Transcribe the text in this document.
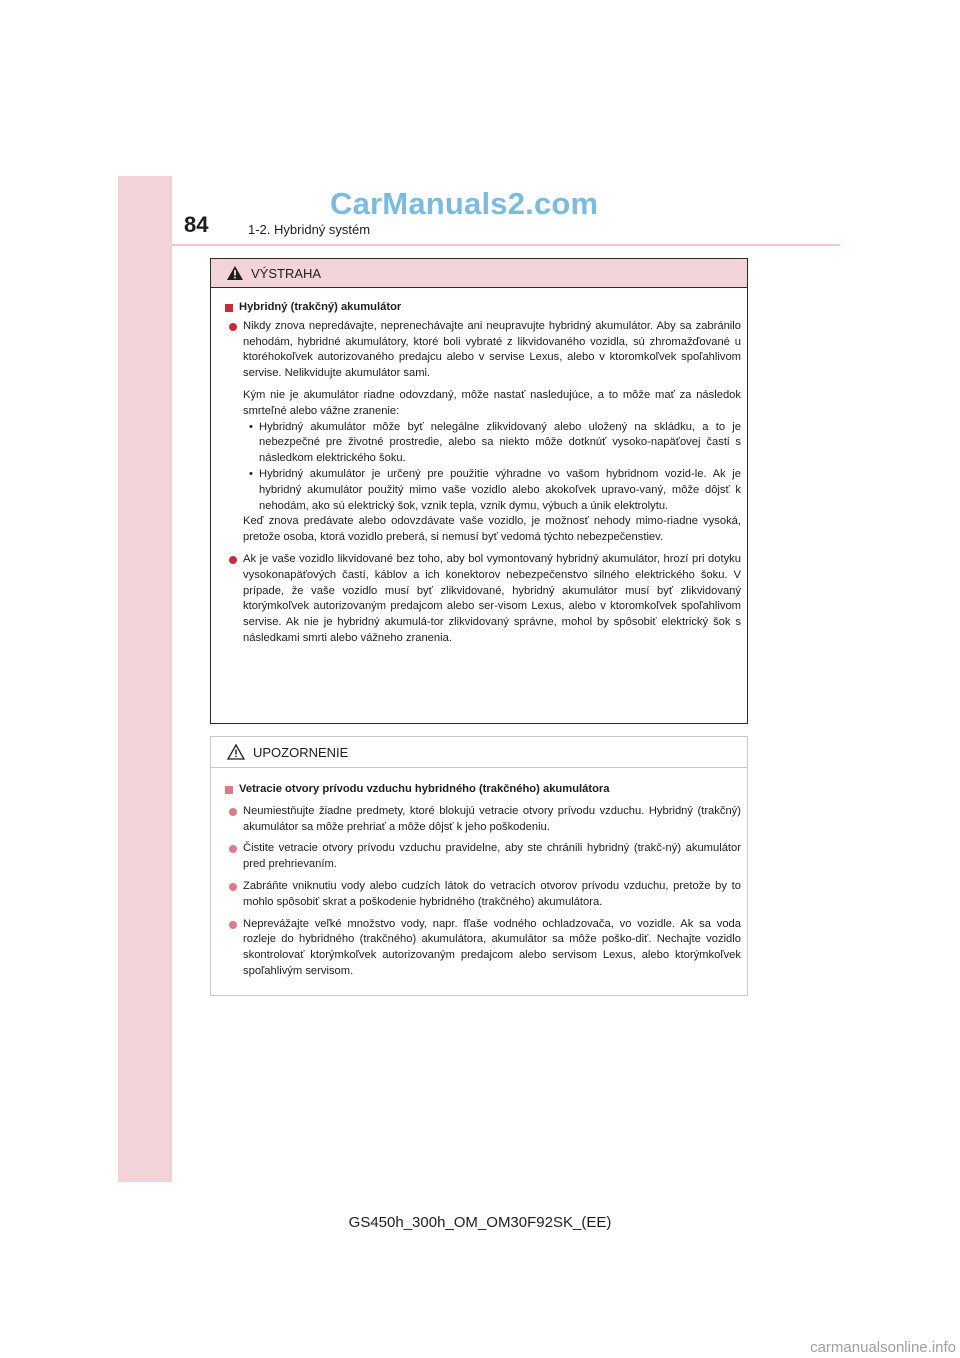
84	1-2. Hybridný systém
CarManuals2.com
VÝSTRAHA
Hybridný (trakčný) akumulátor
Nikdy znova nepredávajte, neprenechávajte ani neupravujte hybridný akumulátor. Aby sa zabránilo nehodám, hybridné akumulátory, ktoré boli vybraté z likvidovaného vozidla, sú zhromažďované u ktoréhokoľvek autorizovaného predajcu alebo v servise Lexus, alebo v ktoromkoľvek spoľahlivom servise. Nelikvidujte akumulátor sami.
Kým nie je akumulátor riadne odovzdaný, môže nastať nasledujúce, a to môže mať za následok smrteľné alebo vážne zranenie:
• Hybridný akumulátor môže byť nelegálne zlikvidovaný alebo uložený na skládku, a to je nebezpečné pre životné prostredie, alebo sa niekto môže dotknúť vysoko-napäťovej časti s následkom elektrického šoku.
• Hybridný akumulátor je určený pre použitie výhradne vo vašom hybridnom vozid-le. Ak je hybridný akumulátor použitý mimo vaše vozidlo alebo akokoľvek upravo-vaný, môže dôjsť k nehodám, ako sú elektrický šok, vznik tepla, vznik dymu, výbuch a únik elektrolytu.
Keď znova predávate alebo odovzdávate vaše vozidlo, je možnosť nehody mimo-riadne vysoká, pretože osoba, ktorá vozidlo preberá, si nemusí byť vedomá týchto nebezpečenstiev.
Ak je vaše vozidlo likvidované bez toho, aby bol vymontovaný hybridný akumulátor, hrozí pri dotyku vysokonapäťových častí, káblov a ich konektorov nebezpečenstvo silného elektrického šoku. V prípade, že vaše vozidlo musí byť zlikvidované, hybridný akumulátor musí byť zlikvidovaný ktorýmkoľvek autorizovaným predajcom alebo ser-visom Lexus, alebo v ktoromkoľvek spoľahlivom servise. Ak nie je hybridný akumulá-tor zlikvidovaný správne, mohol by spôsobiť elektrický šok s následkami smrti alebo vážneho zranenia.
UPOZORNENIE
Vetracie otvory prívodu vzduchu hybridného (trakčného) akumulátora
Neumiestňujte žiadne predmety, ktoré blokujú vetracie otvory prívodu vzduchu. Hybridný (trakčný) akumulátor sa môže prehriať a môže dôjsť k jeho poškodeniu.
Čistite vetracie otvory prívodu vzduchu pravidelne, aby ste chránili hybridný (trakč-ný) akumulátor pred prehrievaním.
Zabráňte vniknutiu vody alebo cudzích látok do vetracích otvorov prívodu vzduchu, pretože by to mohlo spôsobiť skrat a poškodenie hybridného (trakčného) akumulátora.
Neprevážajte veľké množstvo vody, napr. fľaše vodného ochladzovača, vo vozidle. Ak sa voda rozleje do hybridného (trakčného) akumulátora, akumulátor sa môže poško-diť. Nechajte vozidlo skontrolovať ktorýmkoľvek autorizovaným predajcom alebo servisom Lexus, alebo ktorýmkoľvek spoľahlivým servisom.
GS450h_300h_OM_OM30F92SK_(EE)
carmanualsonline.info
